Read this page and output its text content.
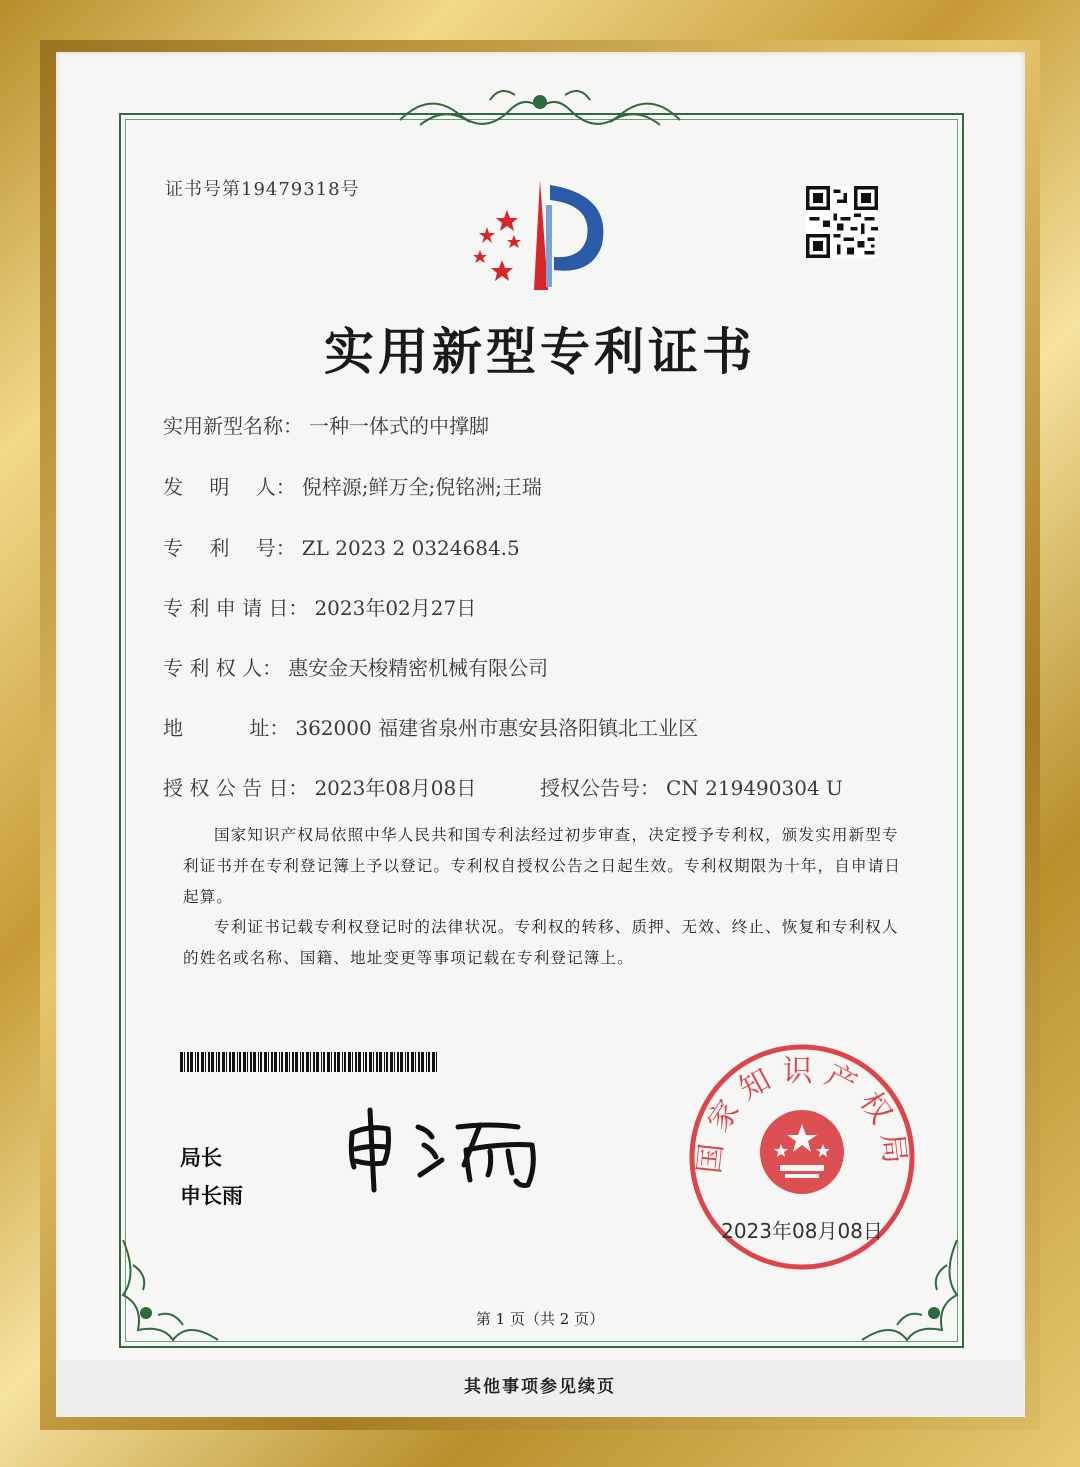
证书号第19479318号
实用新型专利证书
实用新型名称： 一种一体式的中撑脚
发　 明　 人： 倪梓源;鲜万全;倪铭洲;王瑞
专　 利　 号： ZL 2023 2 0324684.5
专 利 申 请 日： 2023年02月27日
专 利 权 人： 惠安金天梭精密机械有限公司
地　　　 址： 362000 福建省泉州市惠安县洛阳镇北工业区
授 权 公 告 日： 2023年08月08日	授权公告号： CN 219490304 U
国家知识产权局依照中华人民共和国专利法经过初步审查，决定授予专利权，颁发实用新型专利证书并在专利登记簿上予以登记。专利权自授权公告之日起生效。专利权期限为十年，自申请日起算。
专利证书记载专利权登记时的法律状况。专利权的转移、质押、无效、终止、恢复和专利权人的姓名或名称、国籍、地址变更等事项记载在专利登记簿上。
局长
申长雨
国家知识产权局
2023年08月08日
第 1 页（共 2 页）
其他事项参见续页
